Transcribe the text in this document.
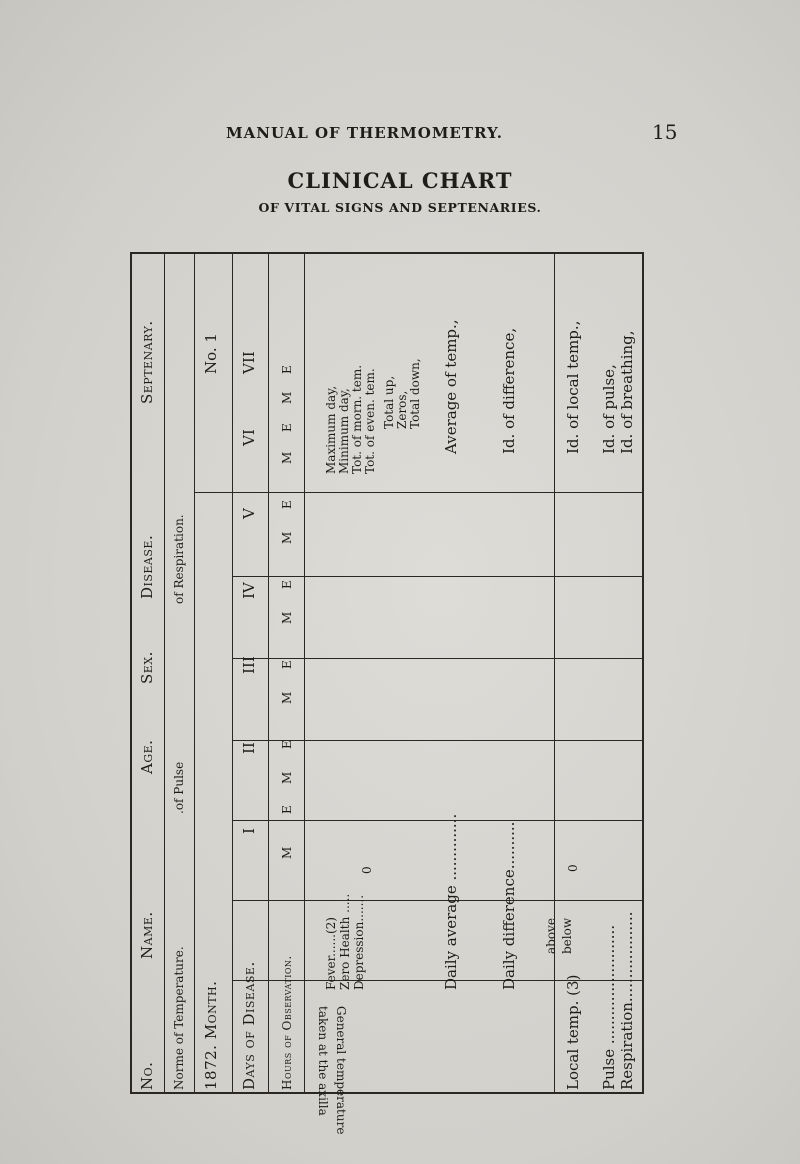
MANUAL OF THERMOMETRY.	15
CLINICAL CHART
OF VITAL SIGNS AND SEPTENARIES.
No.
Name.
Age.
Sex.
Disease.
Septenary.
Norme of Temperature.
.of Pulse
of Respiration.
1872. Month.
No. 1
Days of Disease.
I
II
III
IV
V
VI
VII
Hours of Observation.
M
E
M
E
M
E
M
E
M
E
M
E
M
E
General temperature
taken at the axilla
Fever......(2) Zero Health ..... Depression.......
0
Maximum day, Minimum day, Tot. of morn. tem. Tot. of even. tem. Total up, Zeros, Total down,
Daily average ..............
Average of temp.,
Daily difference..........
Id. of difference,
Local temp. (3)
above below
0
Id. of local temp.,
Pulse ......................... Respiration...................
Id. of pulse, Id. of breathing,
